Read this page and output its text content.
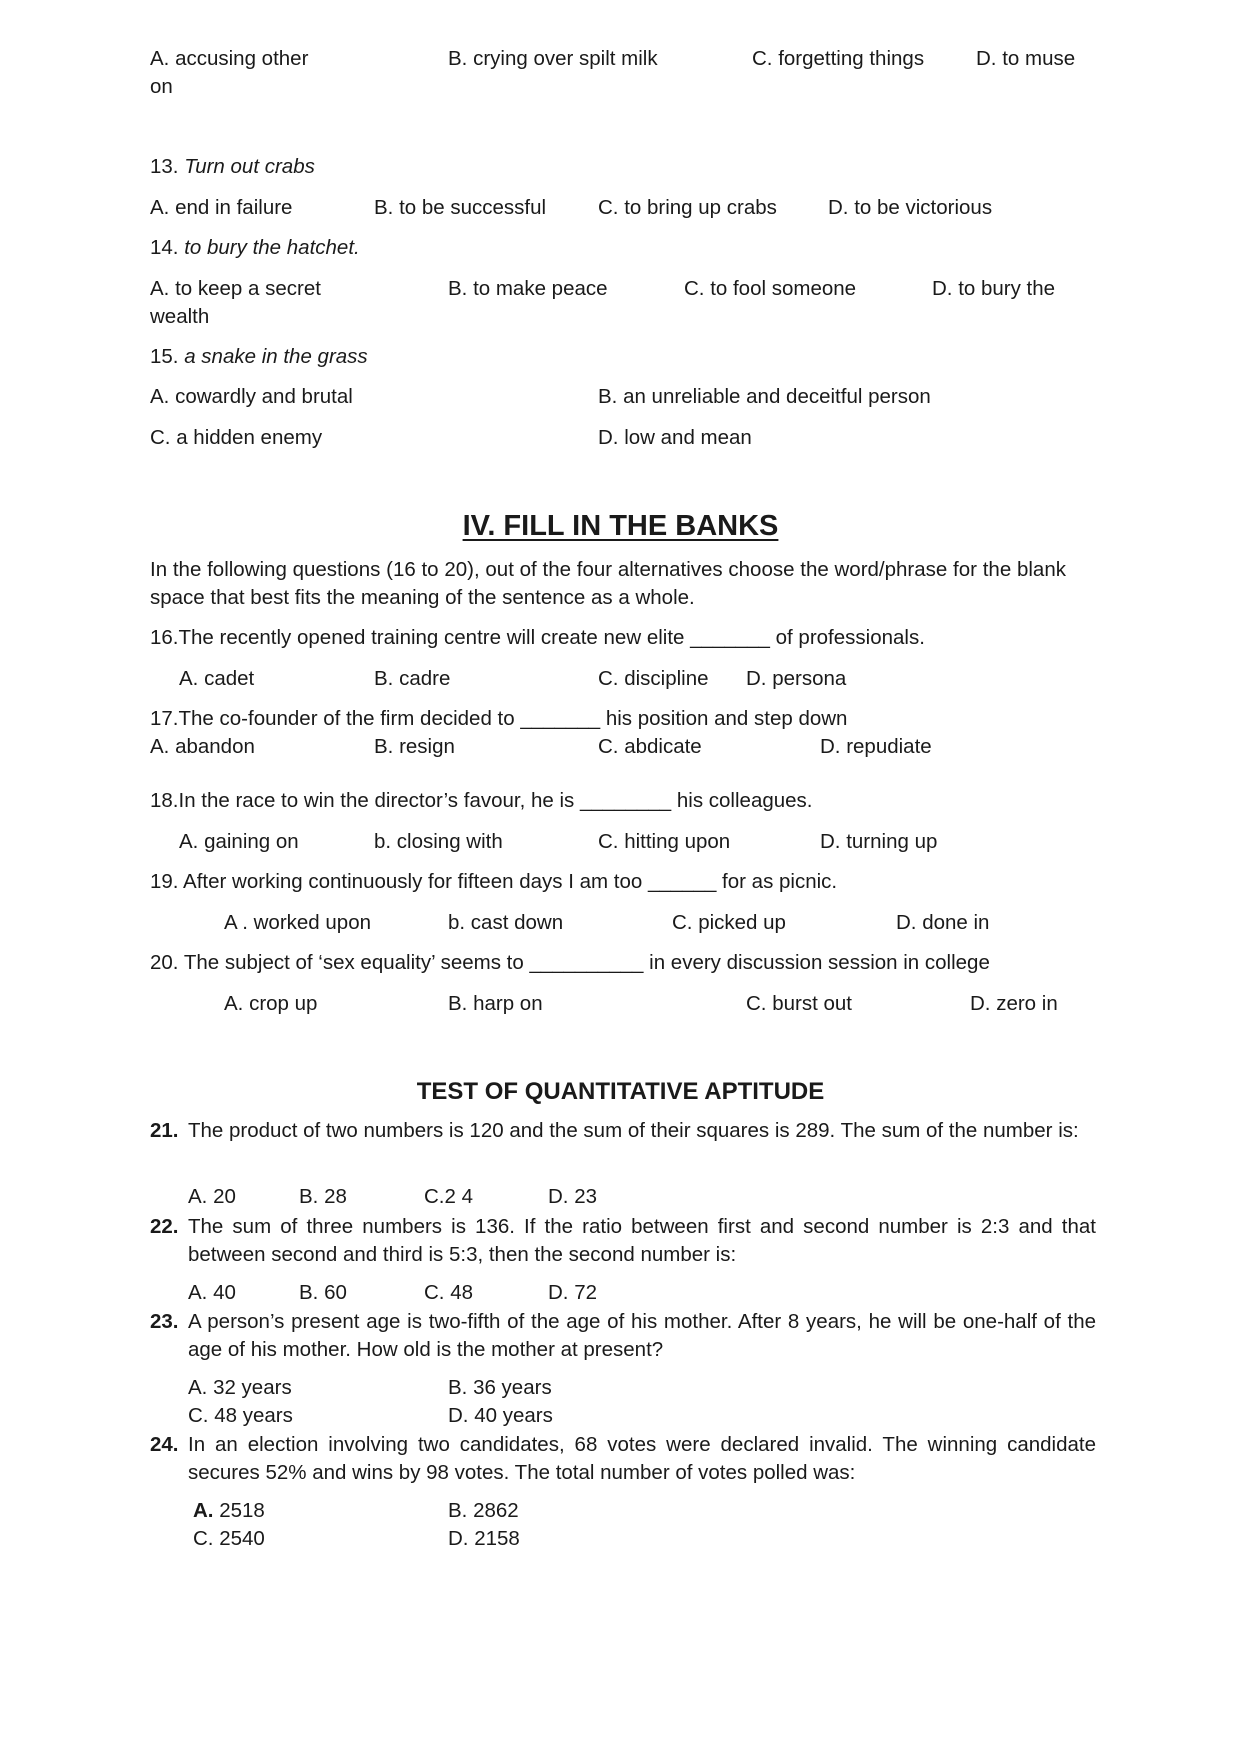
A. accusing other
on
B. crying over spilt milk	C. forgetting things	D. to muse
13. Turn out crabs
A. end in failure	B. to be successful	C. to bring up crabs D. to be victorious
14. to bury the hatchet.
A. to keep a secret
wealth
B. to make peace	C. to fool someone	D. to bury the
15. a snake in the grass
A. cowardly and brutal	B. an unreliable and deceitful person
C. a hidden enemy	D. low and mean
IV. FILL IN THE BANKS
In the following questions (16 to 20), out of the four alternatives choose the word/phrase for the blank space that best fits the meaning of the sentence as a whole.
16.The recently opened training centre will create new elite _______ of professionals.
A. cadet	B. cadre	C. discipline D. persona
17.The co-founder of the firm decided to _______ his position and step down
A. abandon	B. resign	C. abdicate	D. repudiate
18.In the race to win the director’s favour, he is ________ his colleagues.
A. gaining on	b. closing with	C. hitting upon	D. turning up
19. After working continuously for fifteen days I am too ______ for as picnic.
A . worked upon	b. cast down	C. picked up	D. done in
20. The subject of ‘sex equality’ seems to __________ in every discussion session in college
A. crop up	B. harp on	C. burst out	D. zero in
TEST OF QUANTITATIVE APTITUDE
21. The product of two numbers is 120 and the sum of their squares is 289. The sum of the number is:
A. 20	B. 28	C.2 4	D. 23
22. The sum of three numbers is 136. If the ratio between first and second number is 2:3 and that between second and third is 5:3, then the second number is:
A. 40	B. 60	C. 48	D. 72
23. A person’s present age is two-fifth of the age of his mother. After 8 years, he will be one-half of the age of his mother. How old is the mother at present?
A. 32 years	B. 36 years
C. 48 years	D. 40 years
24. In an election involving two candidates, 68 votes were declared invalid. The winning candidate secures 52% and wins by 98 votes. The total number of votes polled was:
A. 2518	B. 2862
C. 2540	D. 2158
